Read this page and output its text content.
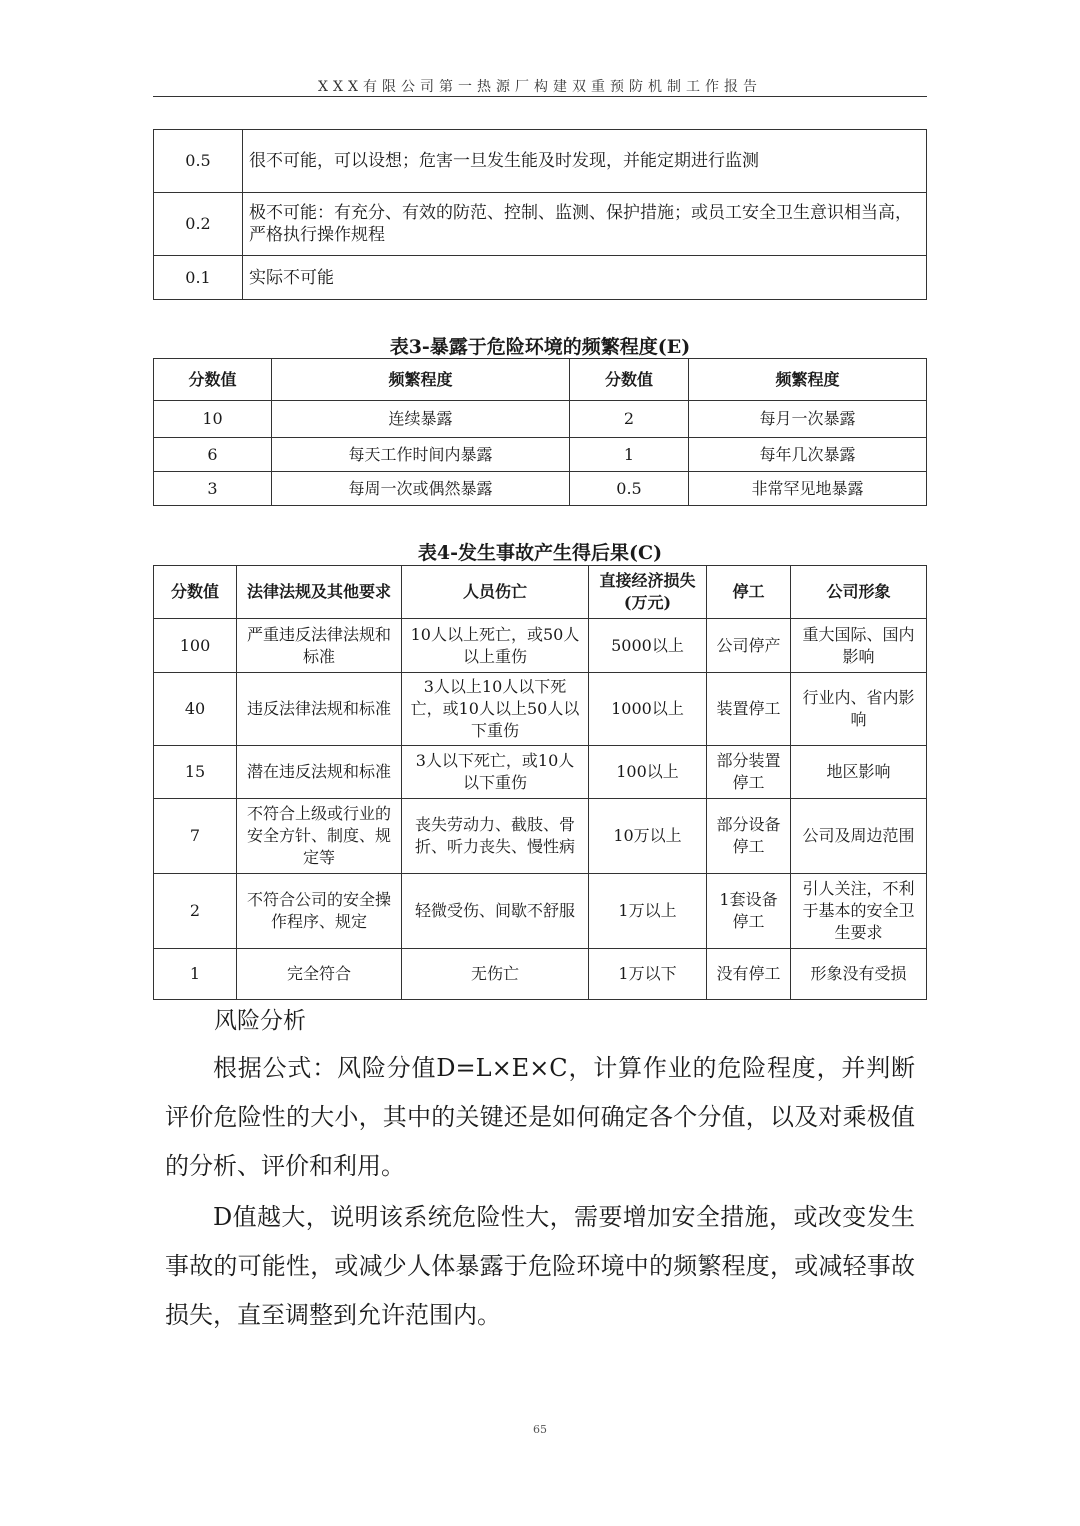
XXX有限公司第一热源厂构建双重预防机制工作报告
0.5	很不可能，可以设想；危害一旦发生能及时发现，并能定期进行监测
0.2	极不可能：有充分、有效的防范、控制、监测、保护措施；或员工安全卫生意识相当高，严格执行操作规程
0.1	实际不可能
表3-暴露于危险环境的频繁程度(E)
分数值	频繁程度	分数值	频繁程度
10	连续暴露	2	每月一次暴露
6	每天工作时间内暴露	1	每年几次暴露
3	每周一次或偶然暴露	0.5	非常罕见地暴露
表4-发生事故产生得后果(C)
分数值	法律法规及其他要求	人员伤亡	直接经济损失(万元)	停工	公司形象
100	严重违反法律法规和标准	10人以上死亡，或50人以上重伤	5000以上	公司停产	重大国际、国内影响
40	违反法律法规和标准	3人以上10人以下死亡，或10人以上50人以下重伤	1000以上	装置停工	行业内、省内影响
15	潜在违反法规和标准	3人以下死亡，或10人以下重伤	100以上	部分装置停工	地区影响
7	不符合上级或行业的安全方针、制度、规定等	丧失劳动力、截肢、骨折、听力丧失、慢性病	10万以上	部分设备停工	公司及周边范围
2	不符合公司的安全操作程序、规定	轻微受伤、间歇不舒服	1万以上	1套设备停工	引人关注，不利于基本的安全卫生要求
1	完全符合	无伤亡	1万以下	没有停工	形象没有受损
风险分析

根据公式：风险分值D=L×E×C，计算作业的危险程度，并判断评价危险性的大小，其中的关键还是如何确定各个分值，以及对乘极值的分析、评价和利用。

D值越大，说明该系统危险性大，需要增加安全措施，或改变发生事故的可能性，或减少人体暴露于危险环境中的频繁程度，或减轻事故损失，直至调整到允许范围内。

65
